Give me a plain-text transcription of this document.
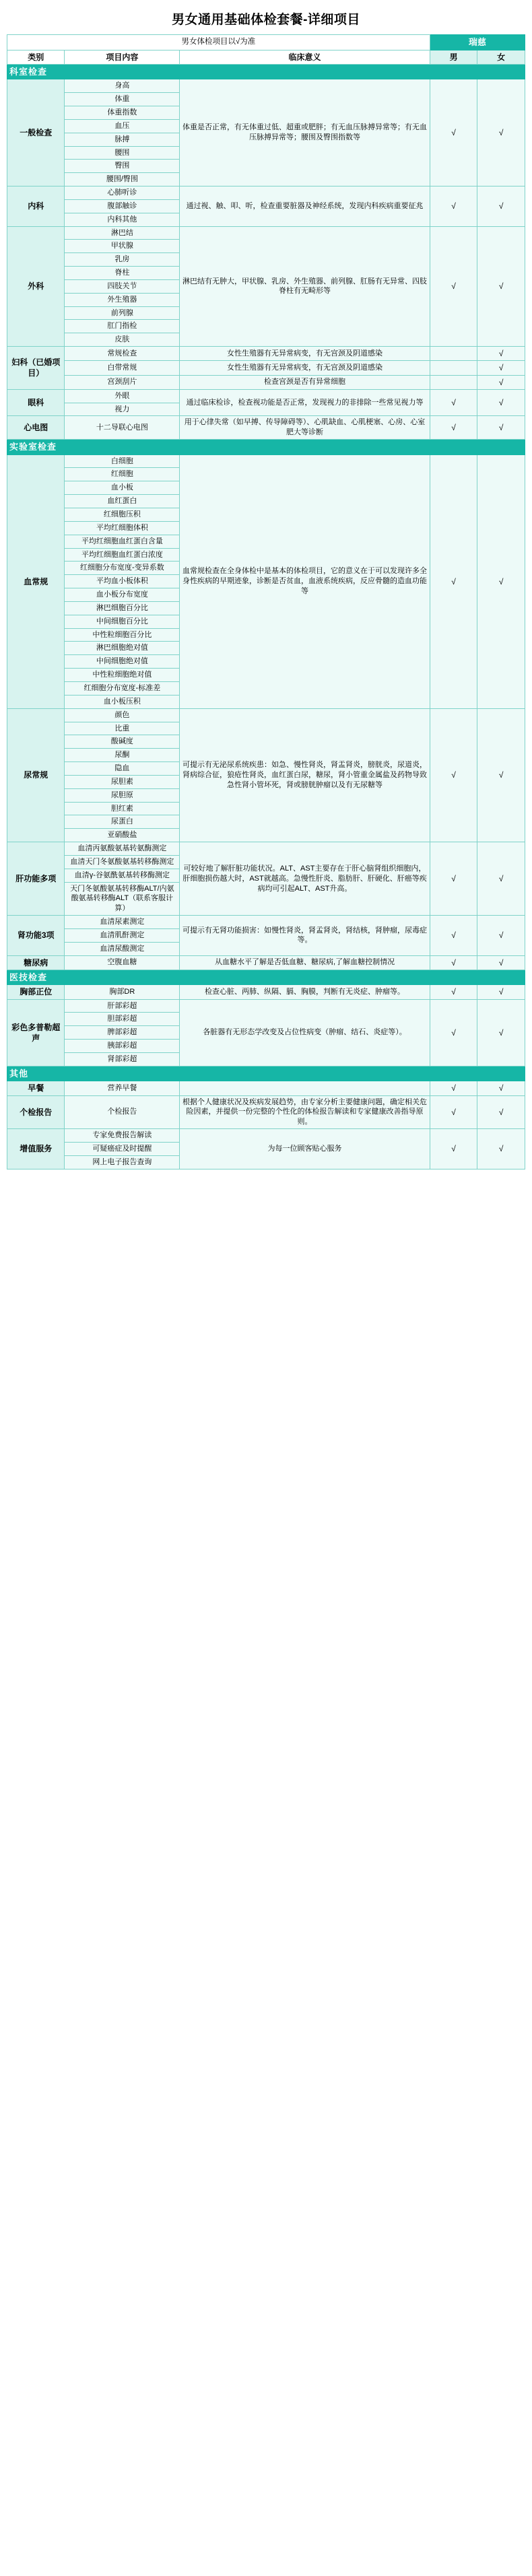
男女通用基础体检套餐-详细项目
男女体检项目以√为准			瑞慈	
类别	项目内容	临床意义	男	女
科室检查				
一般检查	身高	体重是否正常，有无体重过低、超重或肥胖；有无血压脉搏异常等；有无血压脉搏异常等；腰围及臀围指数等	√	√
	体重			
	体重指数			
	血压			
	脉搏			
	腰围			
	臀围			
	腰围/臀围			
内科	心肺听诊	通过视、触、叩、听，检查重要脏器及神经系统，发现内科疾病重要征兆	√	√
	腹部触诊			
	内科其他			
外科	淋巴结	淋巴结有无肿大，甲状腺、乳房、外生殖器、前列腺、肛肠有无异常、四肢脊柱有无畸形等	√	√
	甲状腺			
	乳房			
	脊柱			
	四肢关节			
	外生殖器			
	前列腺			
	肛门指检			
	皮肤			
妇科（已婚项目）	常规检查	女性生殖器有无异常病变，有无宫颈及阴道感染		√
	白带常规	女性生殖器有无异常病变，有无宫颈及阴道感染		√
	宫颈刮片	检查宫颈是否有异常细胞		√
眼科	外眼	通过临床检诊，检查视功能是否正常，发现视力的非排除一些常见视力等	√	√
	视力			
心电图	十二导联心电图	用于心律失常（如早搏、传导障碍等）、心肌缺血、心肌梗塞、心房、心室肥大等诊断	√	√
实验室检查				
血常规	白细胞	血常规检查在全身体检中是基本的体检项目，它的意义在于可以发现许多全身性疾病的早期迹象，诊断是否贫血，血液系统疾病，反应骨髓的造血功能等	√	√
	红细胞			
	血小板			
	血红蛋白			
	红细胞压积			
	平均红细胞体积			
	平均红细胞血红蛋白含量			
	平均红细胞血红蛋白浓度			
	红细胞分布宽度-变异系数			
	平均血小板体积			
	血小板分布宽度			
	淋巴细胞百分比			
	中间细胞百分比			
	中性粒细胞百分比			
	淋巴细胞绝对值			
	中间细胞绝对值			
	中性粒细胞绝对值			
	红细胞分布宽度-标准差			
	血小板压积			
尿常规	颜色	可提示有无泌尿系统疾患：如急、慢性肾炎，肾盂肾炎，膀胱炎，尿道炎，肾病综合征，狼疮性肾炎，血红蛋白尿，糖尿，肾小管重金属盐及药物导致急性肾小管坏死，肾或膀胱肿瘤以及有无尿糖等	√	√
	比重			
	酸碱度			
	尿酮			
	隐血			
	尿胆素			
	尿胆原			
	胆红素			
	尿蛋白			
	亚硝酸盐			
肝功能多项	血清丙氨酸氨基转氨酶测定	可较好地了解肝脏功能状况。ALT、AST主要存在于肝心脑肾组织细胞内，肝细胞损伤越大时，AST就越高。急慢性肝炎、脂肪肝、肝硬化、肝癌等疾病均可引起ALT、AST升高。	√	√
	血清天门冬氨酸氨基转移酶测定			
	血清γ-谷氨酰氨基转移酶测定			
	天门冬氨酸氨基转移酶ALT/内氨酸氨基转移酶ALT（联系客服计算）			
肾功能3项	血清尿素测定	可提示有无肾功能损害：如慢性肾炎，肾孟肾炎，肾结核，肾肿瘤，尿毒症等。	√	√
	血清肌酐测定			
	血清尿酸测定			
糖尿病	空腹血糖	从血糖水平了解是否低血糖、糖尿病,了解血糖控制情况	√	√
医技检查				
胸部正位	胸部DR	检查心脏、两肺、纵隔、膈、胸膜，判断有无炎症、肿瘤等。	√	√
彩色多普勒超声	肝部彩超	各脏器有无形态学改变及占位性病变（肿瘤、结石、炎症等）。	√	√
	胆部彩超			
	脾部彩超			
	胰部彩超			
	肾部彩超			
其他				
早餐	营养早餐		√	√
个检报告	个检报告	根据个人健康状况及疾病发展趋势，由专家分析主要健康问题，确定相关危险因素，并提供一份完整的个性化的体检报告解读和专家健康改善指导原则。	√	√
增值服务	专家免费报告解读	为每一位顾客贴心服务	√	√
	可疑癌症及时提醒			
	网上电子报告查询			
